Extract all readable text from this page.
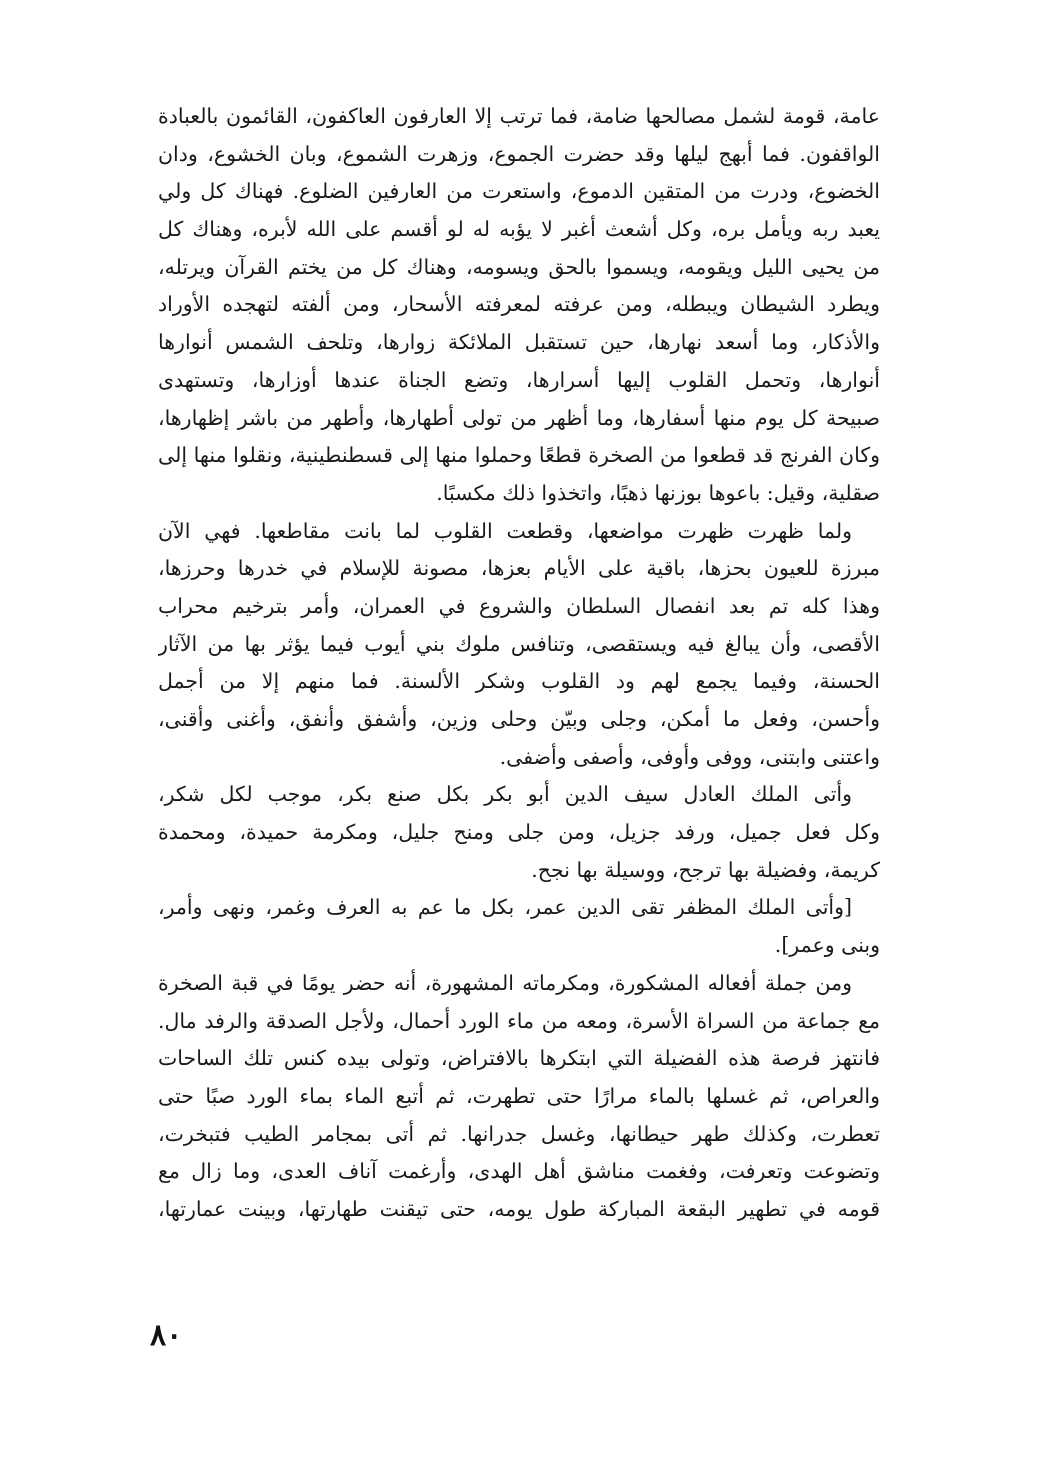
عامة، قومة لشمل مصالحها ضامة، فما ترتب إلا العارفون العاكفون، القائمون بالعبادة
الواقفون. فما أبهج ليلها وقد حضرت الجموع، وزهرت الشموع، وبان الخشوع، ودان
الخضوع، ودرت من المتقين الدموع، واستعرت من العارفين الضلوع. فهناك كل ولي
يعبد ربه ويأمل بره، وكل أشعث أغبر لا يؤبه له لو أقسم على الله لأبره، وهناك كل
من يحيى الليل ويقومه، ويسموا بالحق ويسومه، وهناك كل من يختم القرآن ويرتله،
ويطرد الشيطان ويبطله، ومن عرفته لمعرفته الأسحار، ومن ألفته لتهجده الأوراد
والأذكار، وما أسعد نهارها، حين تستقبل الملائكة زوارها، وتلحف الشمس أنوارها
أنوارها، وتحمل القلوب إليها أسرارها، وتضع الجناة عندها أوزارها، وتستهدى
صبيحة كل يوم منها أسفارها، وما أظهر من تولى أطهارها، وأطهر من باشر إظهارها،
وكان الفرنج قد قطعوا من الصخرة قطعًا وحملوا منها إلى قسطنطينية، ونقلوا منها إلى
صقلية، وقيل: باعوها بوزنها ذهبًا، واتخذوا ذلك مكسبًا.
ولما ظهرت ظهرت مواضعها، وقطعت القلوب لما بانت مقاطعها. فهي الآن
مبرزة للعيون بحزها، باقية على الأيام بعزها، مصونة للإسلام في خدرها وحرزها،
وهذا كله تم بعد انفصال السلطان والشروع في العمران، وأمر بترخيم محراب
الأقصى، وأن يبالغ فيه ويستقصى، وتنافس ملوك بني أيوب فيما يؤثر بها من الآثار
الحسنة، وفيما يجمع لهم ود القلوب وشكر الألسنة. فما منهم إلا من أجمل
وأحسن، وفعل ما أمكن، وجلى وبيّن وحلى وزين، وأشفق وأنفق، وأغنى وأقنى،
واعتنى وابتنى، ووفى وأوفى، وأصفى وأضفى.
وأتى الملك العادل سيف الدين أبو بكر بكل صنع بكر، موجب لكل شكر،
وكل فعل جميل، ورفد جزيل، ومن جلى ومنح جليل، ومكرمة حميدة، ومحمدة
كريمة، وفضيلة بها ترجح، ووسيلة بها نجح.
[وأتى الملك المظفر تقى الدين عمر، بكل ما عم به العرف وغمر، ونهى وأمر،
وبنى وعمر].
ومن جملة أفعاله المشكورة، ومكرماته المشهورة، أنه حضر يومًا في قبة الصخرة
مع جماعة من السراة الأسرة، ومعه من ماء الورد أحمال، ولأجل الصدقة والرفد مال.
فانتهز فرصة هذه الفضيلة التي ابتكرها بالافتراض، وتولى بيده كنس تلك الساحات
والعراص، ثم غسلها بالماء مرارًا حتى تطهرت، ثم أتبع الماء بماء الورد صبًا حتى
تعطرت، وكذلك طهر حيطانها، وغسل جدرانها. ثم أتى بمجامر الطيب فتبخرت،
وتضوعت وتعرفت، وفغمت مناشق أهل الهدى، وأرغمت آناف العدى، وما زال مع
قومه في تطهير البقعة المباركة طول يومه، حتى تيقنت طهارتها، وبينت عمارتها،
٨٠
